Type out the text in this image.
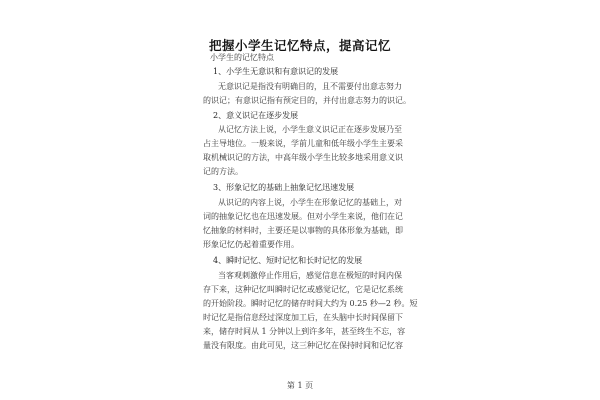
把握小学生记忆特点，提高记忆
小学生的记忆特点
1、小学生无意识和有意识记的发展
无意识记是指没有明确目的，且不需要付出意志努力
的识记；有意识记指有预定目的，并付出意志努力的识记。
2、意义识记在逐步发展
从记忆方法上说，小学生意义识记正在逐步发展乃至
占主导地位。一般来说，学前儿童和低年级小学生主要采
取机械识记的方法，中高年级小学生比较多地采用意义识
记的方法。
3、形象记忆的基础上抽象记忆迅速发展
从识记的内容上说，小学生在形象记忆的基础上，对
词的抽象记忆也在迅速发展。但对小学生来说，他们在记
忆抽象的材料时，主要还是以事物的具体形象为基础，即
形象记忆仍起着重要作用。
4、瞬时记忆、短时记忆和长时记忆的发展
当客观刺激停止作用后，感觉信息在极短的时间内保
存下来，这种记忆叫瞬时记忆或感觉记忆，它是记忆系统
的开始阶段。瞬时记忆的储存时间大约为 0.25 秒—2 秒。短
时记忆是指信息经过深度加工后，在头脑中长时间保留下
来，储存时间从 1 分钟以上到许多年，甚至终生不忘，容
量没有限度。由此可见，这三种记忆在保持时间和记忆容
第 1 页
